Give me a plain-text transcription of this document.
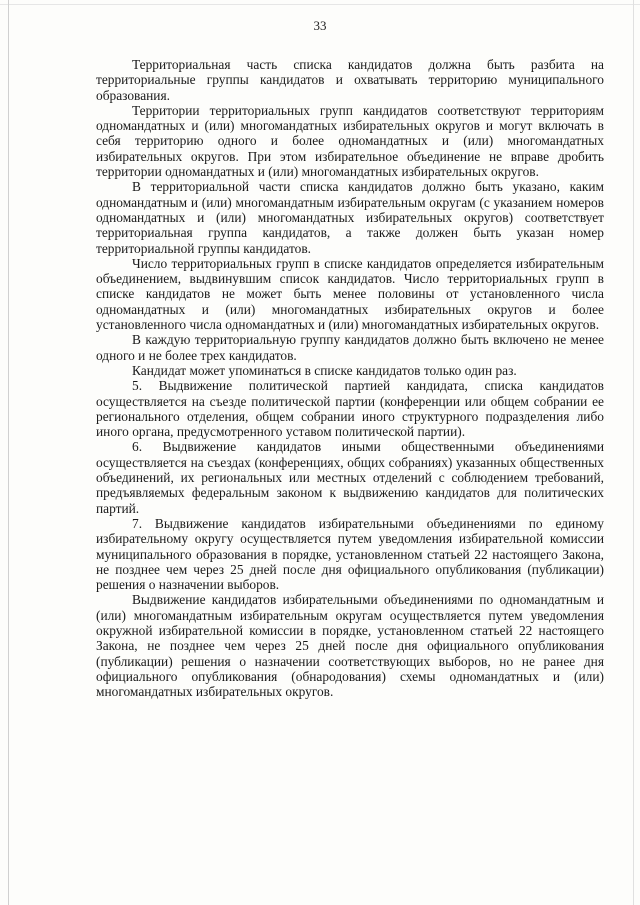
33

Территориальная часть списка кандидатов должна быть разбита на территориальные группы кандидатов и охватывать территорию муниципального образования.

Территории территориальных групп кандидатов соответствуют территориям одномандатных и (или) многомандатных избирательных округов и могут включать в себя территорию одного и более одномандатных и (или) многомандатных избирательных округов. При этом избирательное объединение не вправе дробить территории одномандатных и (или) многомандатных избирательных округов.

В территориальной части списка кандидатов должно быть указано, каким одномандатным и (или) многомандатным избирательным округам (с указанием номеров одномандатных и (или) многомандатных избирательных округов) соответствует территориальная группа кандидатов, а также должен быть указан номер территориальной группы кандидатов.

Число территориальных групп в списке кандидатов определяется избирательным объединением, выдвинувшим список кандидатов. Число территориальных групп в списке кандидатов не может быть менее половины от установленного числа одномандатных и (или) многомандатных избирательных округов и более установленного числа одномандатных и (или) многомандатных избирательных округов.

В каждую территориальную группу кандидатов должно быть включено не менее одного и не более трех кандидатов.

Кандидат может упоминаться в списке кандидатов только один раз.

5. Выдвижение политической партией кандидата, списка кандидатов осуществляется на съезде политической партии (конференции или общем собрании ее регионального отделения, общем собрании иного структурного подразделения либо иного органа, предусмотренного уставом политической партии).

6. Выдвижение кандидатов иными общественными объединениями осуществляется на съездах (конференциях, общих собраниях) указанных общественных объединений, их региональных или местных отделений с соблюдением требований, предъявляемых федеральным законом к выдвижению кандидатов для политических партий.

7. Выдвижение кандидатов избирательными объединениями по единому избирательному округу осуществляется путем уведомления избирательной комиссии муниципального образования в порядке, установленном статьей 22 настоящего Закона, не позднее чем через 25 дней после дня официального опубликования (публикации) решения о назначении выборов.

Выдвижение кандидатов избирательными объединениями по одномандатным и (или) многомандатным избирательным округам осуществляется путем уведомления окружной избирательной комиссии в порядке, установленном статьей 22 настоящего Закона, не позднее чем через 25 дней после дня официального опубликования (публикации) решения о назначении соответствующих выборов, но не ранее дня официального опубликования (обнародования) схемы одномандатных и (или) многомандатных избирательных округов.
